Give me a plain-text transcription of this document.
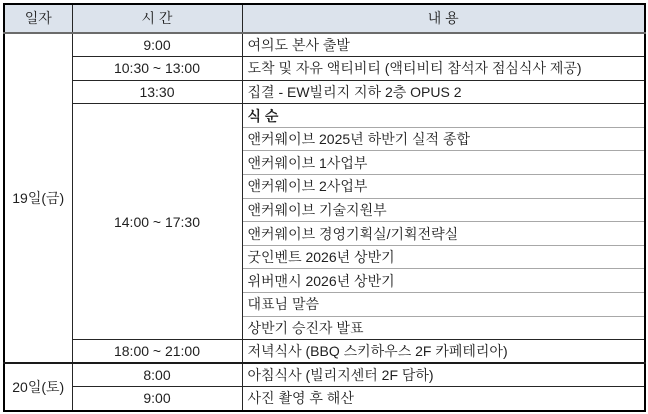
일자	시 간	내 용
19일(금)	9:00	여의도 본사 출발
	10:30 ~ 13:00	도착 및 자유 액티비티 (액티비티 참석자 점심식사 제공)
	13:30	집결 - EW빌리지 지하 2층 OPUS 2
	14:00 ~ 17:30	식 순
		앤커웨이브 2025년 하반기 실적 종합
		앤커웨이브 1사업부
		앤커웨이브 2사업부
		앤커웨이브 기술지원부
		앤커웨이브 경영기획실/기획전략실
		굿인벤트 2026년 상반기
		위버맨시 2026년 상반기
		대표님 말씀
		상반기 승진자 발표
	18:00 ~ 21:00	저녁식사 (BBQ 스키하우스 2F 카페테리아)
20일(토)	8:00	아침식사 (빌리지센터 2F 담하)
	9:00	사진 촬영 후 해산
